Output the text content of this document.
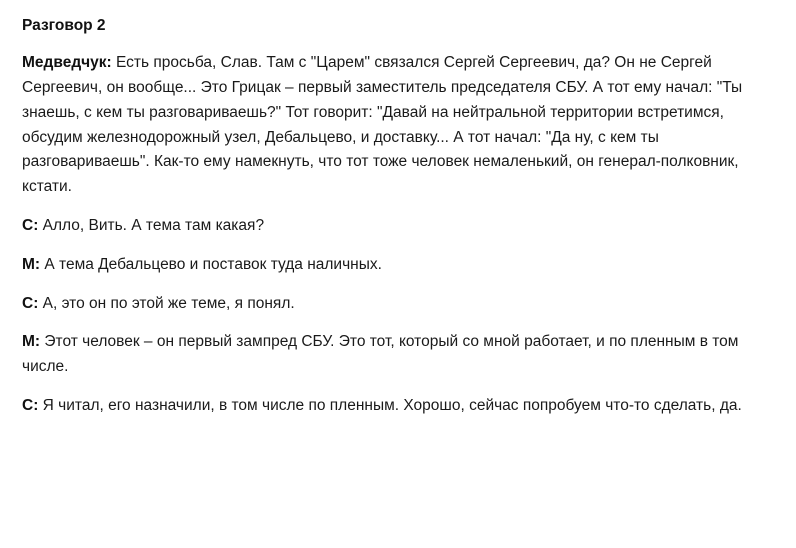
Разговор 2

Медведчук: Есть просьба, Слав. Там с "Царем" связался Сергей Сергеевич, да? Он не Сергей Сергеевич, он вообще... Это Грицак – первый заместитель председателя СБУ. А тот ему начал: "Ты знаешь, с кем ты разговариваешь?" Тот говорит: "Давай на нейтральной территории встретимся, обсудим железнодорожный узел, Дебальцево, и доставку... А тот начал: "Да ну, с кем ты разговариваешь". Как-то ему намекнуть, что тот тоже человек немаленький, он генерал-полковник, кстати.

С: Алло, Вить. А тема там какая?

М: А тема Дебальцево и поставок туда наличных.

С: А, это он по этой же теме, я понял.

М: Этот человек – он первый зампред СБУ. Это тот, который со мной работает, и по пленным в том числе.

С: Я читал, его назначили, в том числе по пленным. Хорошо, сейчас попробуем что-то сделать, да.
